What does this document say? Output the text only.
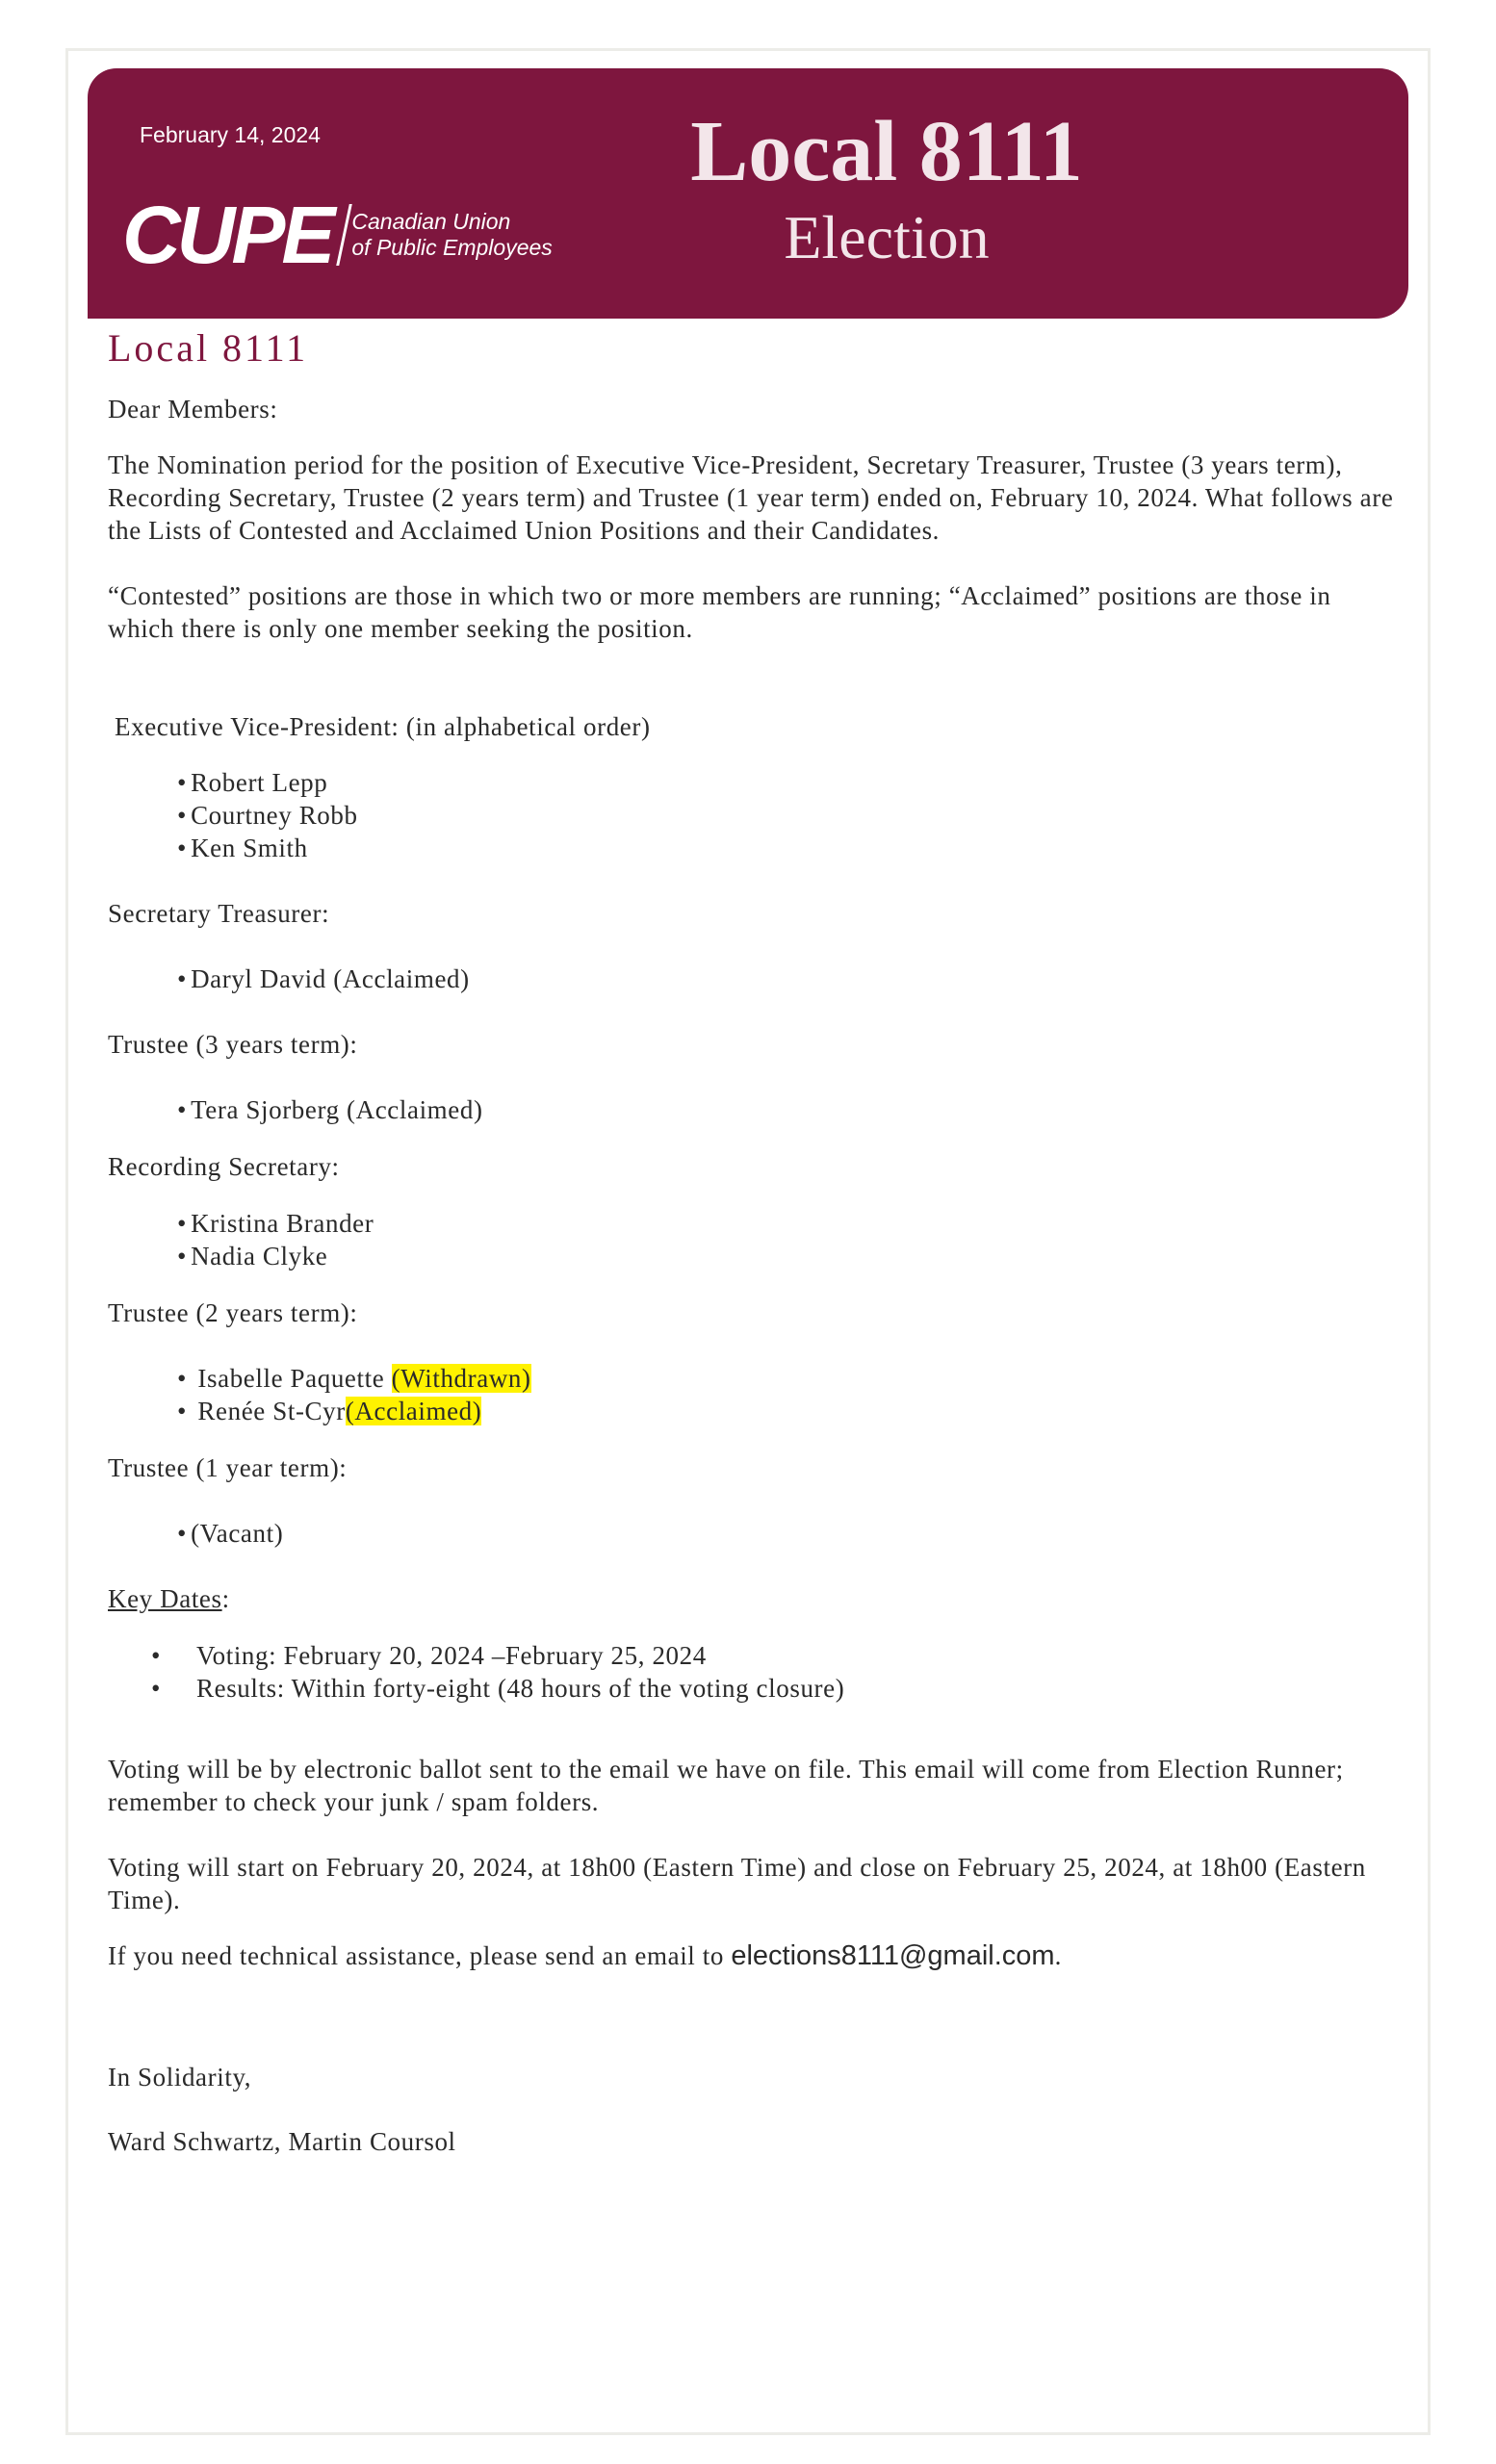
February 14, 2024
CUPE Canadian Union
of Public Employees
Local 8111
Election

Local 8111

Dear Members:

The Nomination period for the position of Executive Vice-President, Secretary Treasurer, Trustee (3 years term), Recording Secretary, Trustee (2 years term) and Trustee (1 year term) ended on, February 10, 2024. What follows are the Lists of Contested and Acclaimed Union Positions and their Candidates.

“Contested” positions are those in which two or more members are running; “Acclaimed” positions are those in which there is only one member seeking the position.

Executive Vice-President: (in alphabetical order)

• Robert Lepp
• Courtney Robb
• Ken Smith

Secretary Treasurer:

• Daryl David (Acclaimed)

Trustee (3 years term):

• Tera Sjorberg (Acclaimed)

Recording Secretary:

• Kristina Brander
• Nadia Clyke

Trustee (2 years term):

• Isabelle Paquette (Withdrawn)
• Renée St-Cyr(Acclaimed)

Trustee (1 year term):

• (Vacant)

Key Dates:

• Voting: February 20, 2024 –February 25, 2024
• Results: Within forty-eight (48 hours of the voting closure)

Voting will be by electronic ballot sent to the email we have on file. This email will come from Election Runner; remember to check your junk / spam folders.

Voting will start on February 20, 2024, at 18h00 (Eastern Time) and close on February 25, 2024, at 18h00 (Eastern Time).

If you need technical assistance, please send an email to elections8111@gmail.com.

In Solidarity,

Ward Schwartz, Martin Coursol
